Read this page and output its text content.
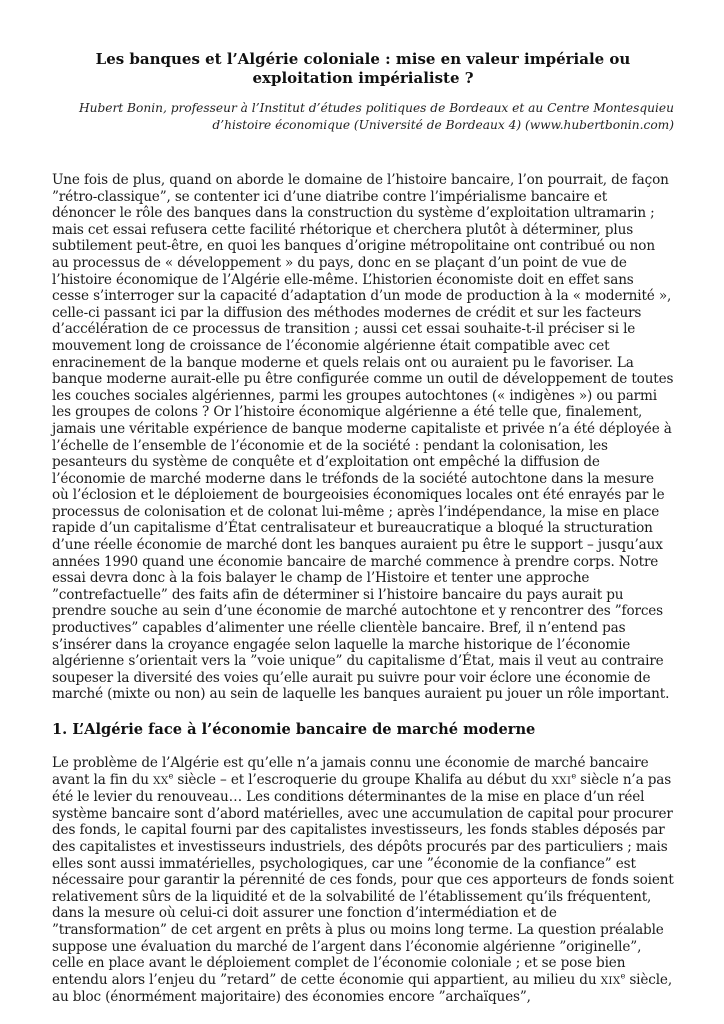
Les banques et l’Algérie coloniale : mise en valeur impériale ou exploitation impérialiste ?

Hubert Bonin, professeur à l’Institut d’études politiques de Bordeaux et au Centre Montesquieu

d’histoire économique (Université de Bordeaux 4) (www.hubertbonin.com)

Une fois de plus, quand on aborde le domaine de l’histoire bancaire, l’on pourrait, de façon ”rétro-classique”, se contenter ici d’une diatribe contre l’impérialisme bancaire et dénoncer le rôle des banques dans la construction du système d’exploitation ultramarin ; mais cet essai refusera cette facilité rhétorique et cherchera plutôt à déterminer, plus subtilement peut-être, en quoi les banques d’origine métropolitaine ont contribué ou non au processus de « développement » du pays, donc en se plaçant d’un point de vue de l’histoire économique de l’Algérie elle-même. L’historien économiste doit en effet sans cesse s’interroger sur la capacité d’adaptation d’un mode de production à la « modernité », celle-ci passant ici par la diffusion des méthodes modernes de crédit et sur les facteurs d’accélération de ce processus de transition ; aussi cet essai souhaite-t-il préciser si le mouvement long de croissance de l’économie algérienne était compatible avec cet enracinement de la banque moderne et quels relais ont ou auraient pu le favoriser. La banque moderne aurait-elle pu être configurée comme un outil de développement de toutes les couches sociales algériennes, parmi les groupes autochtones (« indigènes ») ou parmi les groupes de colons ? Or l’histoire économique algérienne a été telle que, finalement, jamais une véritable expérience de banque moderne capitaliste et privée n’a été déployée à l’échelle de l’ensemble de l’économie et de la société : pendant la colonisation, les pesanteurs du système de conquête et d’exploitation ont empêché la diffusion de l’économie de marché moderne dans le tréfonds de la société autochtone dans la mesure où l’éclosion et le déploiement de bourgeoisies économiques locales ont été enrayés par le processus de colonisation et de colonat lui-même ; après l’indépendance, la mise en place rapide d’un capitalisme d’État centralisateur et bureaucratique a bloqué la structuration d’une réelle économie de marché dont les banques auraient pu être le support – jusqu’aux années 1990 quand une économie bancaire de marché commence à prendre corps. Notre essai devra donc à la fois balayer le champ de l’Histoire et tenter une approche ”contrefactuelle” des faits afin de déterminer si l’histoire bancaire du pays aurait pu prendre souche au sein d’une économie de marché autochtone et y rencontrer des ”forces productives” capables d’alimenter une réelle clientèle bancaire. Bref, il n’entend pas s’insérer dans la croyance engagée selon laquelle la marche historique de l’économie algérienne s’orientait vers la ”voie unique” du capitalisme d’État, mais il veut au contraire soupeser la diversité des voies qu’elle aurait pu suivre pour voir éclore une économie de marché (mixte ou non) au sein de laquelle les banques auraient pu jouer un rôle important.

1. L’Algérie face à l’économie bancaire de marché moderne

Le problème de l’Algérie est qu’elle n’a jamais connu une économie de marché bancaire avant la fin du XXe siècle – et l’escroquerie du groupe Khalifa au début du XXIe siècle n’a pas été le levier du renouveau… Les conditions déterminantes de la mise en place d’un réel système bancaire sont d’abord matérielles, avec une accumulation de capital pour procurer des fonds, le capital fourni par des capitalistes investisseurs, les fonds stables déposés par des capitalistes et investisseurs industriels, des dépôts procurés par des particuliers ; mais elles sont aussi immatérielles, psychologiques, car une ”économie de la confiance” est nécessaire pour garantir la pérennité de ces fonds, pour que ces apporteurs de fonds soient relativement sûrs de la liquidité et de la solvabilité de l’établissement qu’ils fréquentent, dans la mesure où celui-ci doit assurer une fonction d’intermédiation et de ”transformation” de cet argent en prêts à plus ou moins long terme. La question préalable suppose une évaluation du marché de l’argent dans l’économie algérienne ”originelle”, celle en place avant le déploiement complet de l’économie coloniale ; et se pose bien entendu alors l’enjeu du ”retard” de cette économie qui appartient, au milieu du XIXe siècle, au bloc (énormément majoritaire) des économies encore ”archaïques”,
